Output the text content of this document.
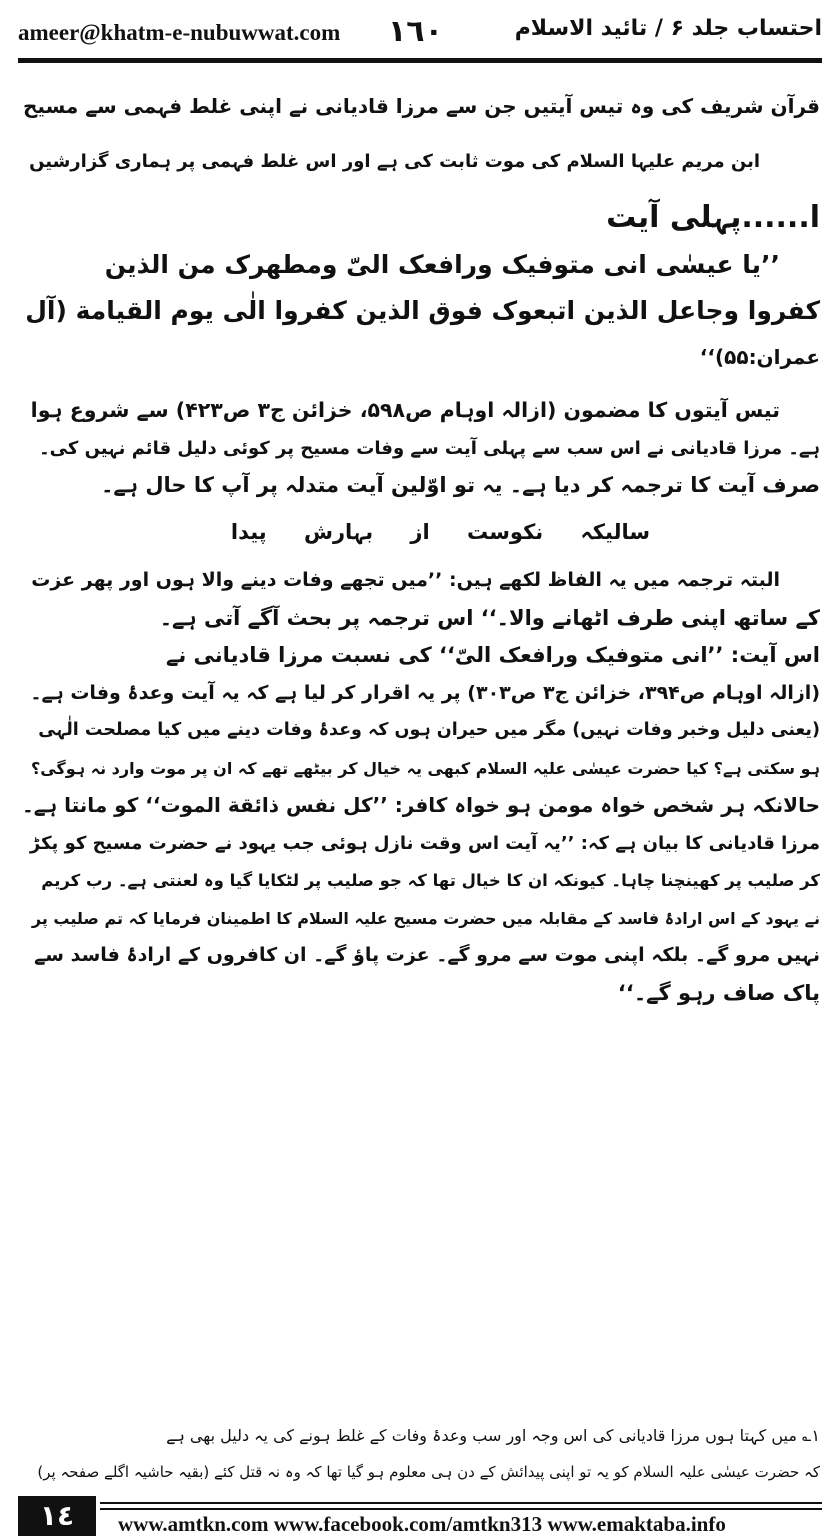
ameer@khatm-e-nubuwwat.com ١٦٠	احتساب جلد ۶ / تائید الاسلام
قرآن شریف کی وہ تیس آیتیں جن سے مرزا قادیانی نے اپنی غلط فہمی سے مسیح
ابن مریم علیہا السلام کی موت ثابت کی ہے اور اس غلط فہمی پر ہماری گزارشیں
ا......پہلی آیت
’’یا عیسٰی انی متوفیک ورافعک الیّ ومطھرک من الذین
کفروا وجاعل الذین اتبعوک فوق الذین کفروا الٰی یوم القیامة (آل
عمران:۵۵)‘‘
تیس آیتوں کا مضمون (ازالہ اوہام ص۵۹۸، خزائن ج۳ ص۴۲۳) سے شروع ہوا
ہے۔ مرزا قادیانی نے اس سب سے پہلی آیت سے وفات مسیح پر کوئی دلیل قائم نہیں کی۔
صرف آیت کا ترجمہ کر دیا ہے۔ یہ تو اوّلین آیت متدلہ پر آپ کا حال ہے۔
سالیکہ نکوست از بہارش پیدا
البتہ ترجمہ میں یہ الفاظ لکھے ہیں: ’’میں تجھے وفات دینے والا ہوں اور پھر عزت
کے ساتھ اپنی طرف اٹھانے والا۔‘‘ اس ترجمہ پر بحث آگے آتی ہے۔
اس آیت: ’’انی متوفیک ورافعک الیّ‘‘ کی نسبت مرزا قادیانی نے
(ازالہ اوہام ص۳۹۴، خزائن ج۳ ص۳۰۳) پر یہ اقرار کر لیا ہے کہ یہ آیت وعدۂ وفات ہے۔
(یعنی دلیل وخبر وفات نہیں) مگر میں حیران ہوں کہ وعدۂ وفات دینے میں کیا مصلحت الٰہی
ہو سکتی ہے؟ کیا حضرت عیسٰی علیہ السلام کبھی یہ خیال کر بیٹھے تھے کہ ان پر موت وارد نہ ہوگی؟
حالانکہ ہر شخص خواہ مومن ہو خواہ کافر: ’’کل نفس ذائقة الموت‘‘ کو مانتا ہے۔
مرزا قادیانی کا بیان ہے کہ: ’’یہ آیت اس وقت نازل ہوئی جب یہود نے حضرت مسیح کو پکڑ
کر صلیب پر کھینچنا چاہا۔ کیونکہ ان کا خیال تھا کہ جو صلیب پر لٹکایا گیا وہ لعنتی ہے۔ رب کریم
نے یہود کے اس ارادۂ فاسد کے مقابلہ میں حضرت مسیح علیہ السلام کا اطمینان فرمایا کہ تم صلیب پر
نہیں مرو گے۔ بلکہ اپنی موت سے مرو گے۔ عزت پاؤ گے۔ ان کافروں کے ارادۂ فاسد سے
پاک صاف رہو گے۔‘‘
۱؎ میں کہتا ہوں مرزا قادیانی کی اس وجہ اور سب وعدۂ وفات کے غلط ہونے کی یہ دلیل بھی ہے
کہ حضرت عیسٰی علیہ السلام کو یہ تو اپنی پیدائش کے دن ہی معلوم ہو گیا تھا کہ وہ نہ قتل کئے (بقیہ حاشیہ اگلے صفحہ پر)
١٤	www.amtkn.com www.facebook.com/amtkn313 www.emaktaba.info
